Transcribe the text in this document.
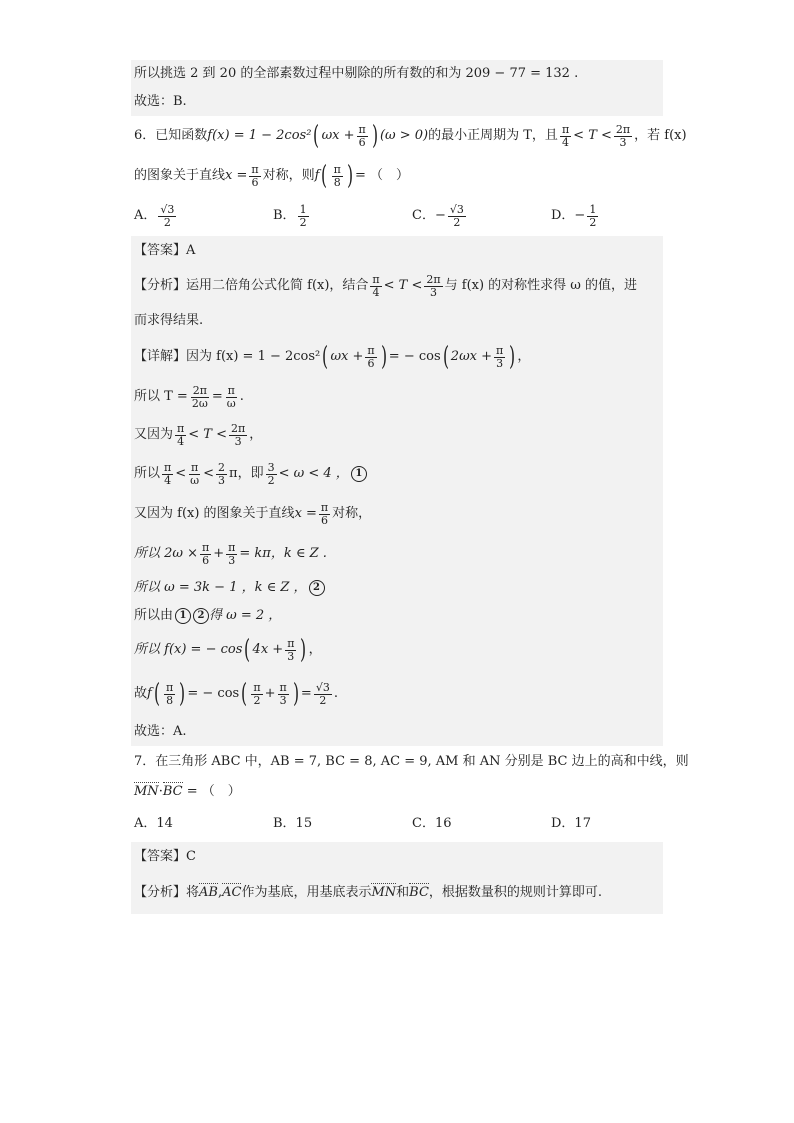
所以挑选 2 到 20 的全部素数过程中剔除的所有数的和为 209 − 77 = 132 .
故选：B.
6．已知函数 f(x) = 1 − 2cos² ( $\omega x + \frac{\pi}{6}$ ) (ω > 0) 的最小正周期为 T，且 $\frac{\pi}{4} < T < \frac{2\pi}{3}$ ，若 f(x)
的图象关于直线 $x = \frac{\pi}{6}$ 对称，则 f ( $\frac{\pi}{8}$ ) = （　）
A． $\frac{√3}{2}$	B． $\frac{1}{2}$	C．− $\frac{√3}{2}$	D．− $\frac{1}{2}$
【答案】A
【分析】运用二倍角公式化简 f(x)，结合 $\frac{\pi}{4} < T < \frac{2\pi}{3}$ 与 f(x) 的对称性求得 ω 的值，进
而求得结果.
【详解】因为 f(x) = 1 − 2cos² ( $\omega x + \frac{\pi}{6}$ ) = − cos ( $2\omega x + \frac{\pi}{3}$ ) ，
所以 $T = \frac{2\pi}{2\omega} = \frac{\pi}{\omega}$ .
又因为 $\frac{\pi}{4} < T < \frac{2\pi}{3}$ ，
所以 $\frac{\pi}{4} < \frac{\pi}{\omega} < \frac{2}{3}$ π ，即 $\frac{3}{2} < \omega < 4$ ， 1
又因为 f(x) 的图象关于直线 $x = \frac{\pi}{6}$ 对称，
所以 $2\omega \times \frac{\pi}{6} + \frac{\pi}{3} = k\pi$，k ∈ Z .
所以 ω = 3k − 1 ，k ∈ Z ， 2
所以由 1	2 得 ω = 2 ，
所以 f(x) = − cos ( $4x + \frac{\pi}{3}$ ) ，
故 f ( $\frac{\pi}{8}$ ) = − cos ( $\frac{\pi}{2} + \frac{\pi}{3}$ ) = $\frac{√3}{2}$ .
故选：A.
7．在三角形 ABC 中，AB = 7, BC = 8, AC = 9, AM 和 AN 分别是 BC 边上的高和中线，则
MN · BC
= （　）
A．14	B．15	C．16	D．17
【答案】C
【分析】将 AB , AC 作为基底，用基底表示 MN 和 BC ，根据数量积的规则计算即可.
